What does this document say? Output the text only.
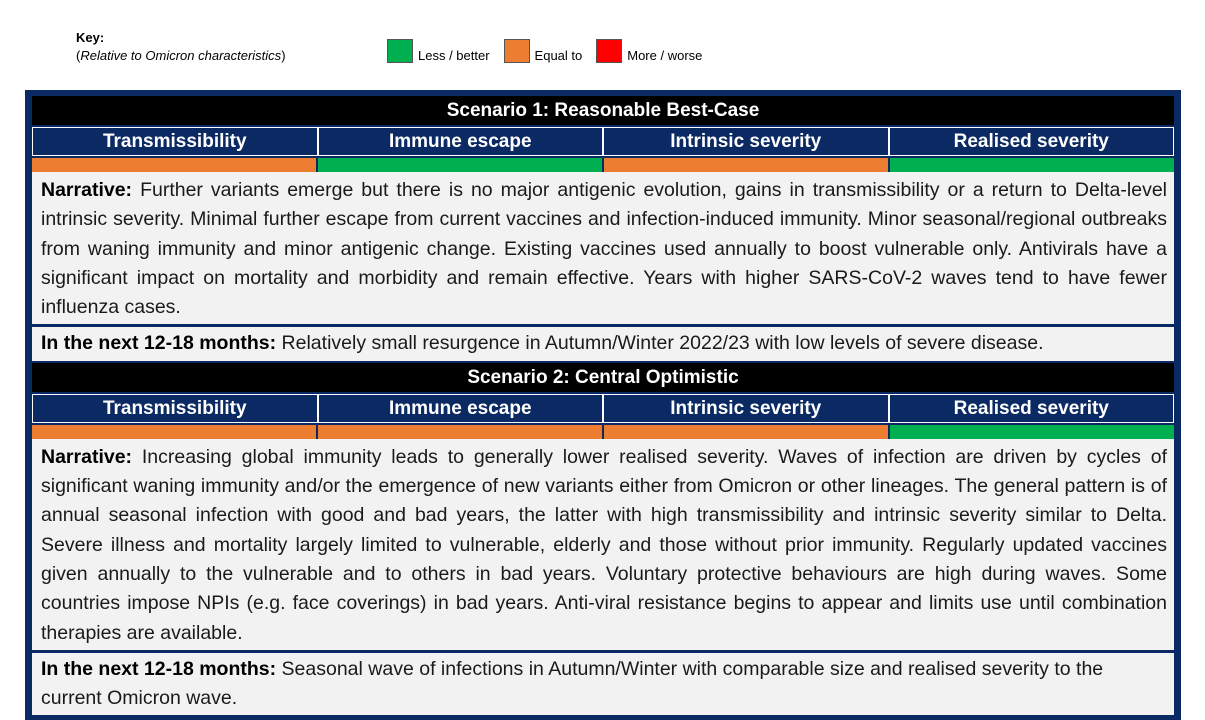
Key:
(Relative to Omicron characteristics)	Less / better	Equal to	More / worse
Scenario 1: Reasonable Best-Case
Transmissibility	Immune escape	Intrinsic severity	Realised severity
Narrative: Further variants emerge but there is no major antigenic evolution, gains in transmissibility or a return to Delta-level intrinsic severity. Minimal further escape from current vaccines and infection-induced immunity. Minor seasonal/regional outbreaks from waning immunity and minor antigenic change. Existing vaccines used annually to boost vulnerable only. Antivirals have a significant impact on mortality and morbidity and remain effective. Years with higher SARS-CoV-2 waves tend to have fewer influenza cases.
In the next 12-18 months: Relatively small resurgence in Autumn/Winter 2022/23 with low levels of severe disease.
Scenario 2: Central Optimistic
Transmissibility	Immune escape	Intrinsic severity	Realised severity
Narrative: Increasing global immunity leads to generally lower realised severity. Waves of infection are driven by cycles of significant waning immunity and/or the emergence of new variants either from Omicron or other lineages. The general pattern is of annual seasonal infection with good and bad years, the latter with high transmissibility and intrinsic severity similar to Delta. Severe illness and mortality largely limited to vulnerable, elderly and those without prior immunity. Regularly updated vaccines given annually to the vulnerable and to others in bad years. Voluntary protective behaviours are high during waves. Some countries impose NPIs (e.g. face coverings) in bad years. Anti-viral resistance begins to appear and limits use until combination therapies are available.
In the next 12-18 months: Seasonal wave of infections in Autumn/Winter with comparable size and realised severity to the current Omicron wave.
